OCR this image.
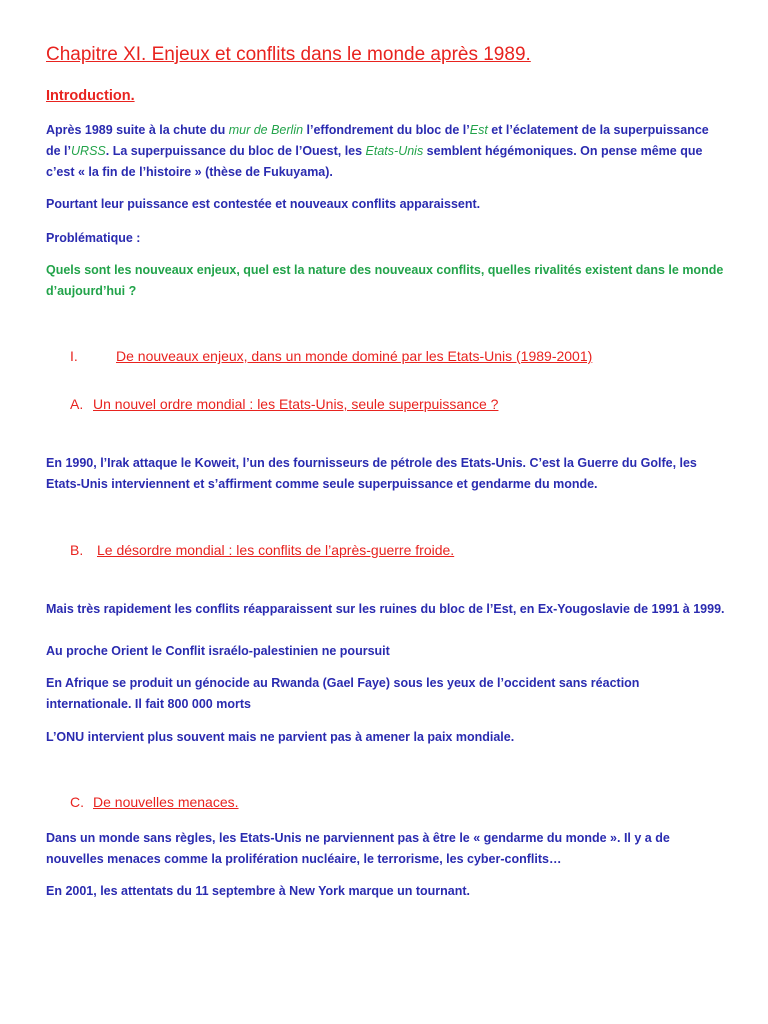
Chapitre XI. Enjeux et conflits dans le monde après 1989.
Introduction.

Après 1989 suite à la chute du mur de Berlin l’effondrement du bloc de l’Est et l’éclatement de la superpuissance de l’URSS. La superpuissance du bloc de l’Ouest, les Etats-Unis semblent hégémoniques. On pense même que c’est « la fin de l’histoire » (thèse de Fukuyama).

Pourtant leur puissance est contestée et nouveaux conflits apparaissent.

Problématique :

Quels sont les nouveaux enjeux, quel est la nature des nouveaux conflits, quelles rivalités existent dans le monde d’aujourd’hui ?

I.	De nouveaux enjeux, dans un monde dominé par les Etats-Unis (1989-2001)
A. Un nouvel ordre mondial : les Etats-Unis, seule superpuissance ?

En 1990, l’Irak attaque le Koweit, l’un des fournisseurs de pétrole des Etats-Unis. C’est la Guerre du Golfe, les Etats-Unis interviennent et s’affirment comme seule superpuissance et gendarme du monde.

B. Le désordre mondial : les conflits de l’après-guerre froide.

Mais très rapidement les conflits réapparaissent sur les ruines du bloc de l’Est, en Ex-Yougoslavie de 1991 à 1999.

Au proche Orient le Conflit israélo-palestinien ne poursuit

En Afrique se produit un génocide au Rwanda (Gael Faye) sous les yeux de l’occident sans réaction internationale. Il fait 800 000 morts

L’ONU intervient plus souvent mais ne parvient pas à amener la paix mondiale.

C. De nouvelles menaces.

Dans un monde sans règles, les Etats-Unis ne parviennent pas à être le « gendarme du monde ». Il y a de nouvelles menaces comme la prolifération nucléaire, le terrorisme, les cyber-conflits…

En 2001, les attentats du 11 septembre à New York marque un tournant.
